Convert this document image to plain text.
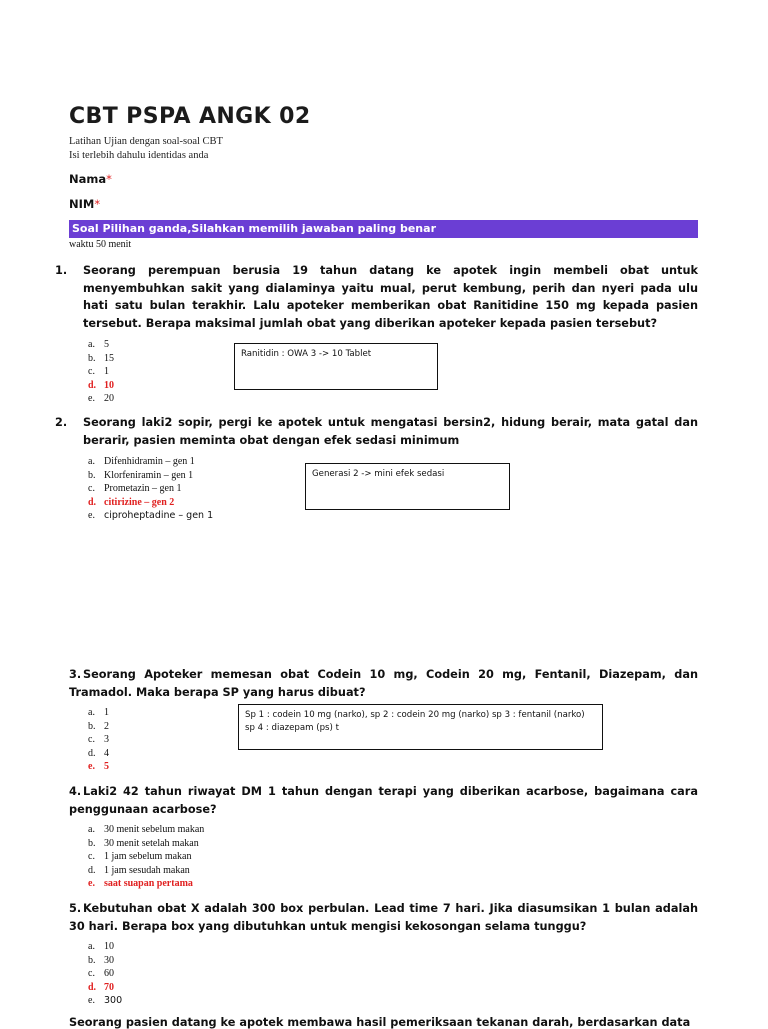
CBT PSPA ANGK 02
Latihan Ujian dengan soal-soal CBT
Isi terlebih dahulu identidas anda
Nama*
NIM*
Soal Pilihan ganda,Silahkan memilih jawaban paling benar
waktu 50 menit
1. Seorang perempuan berusia 19 tahun datang ke apotek ingin membeli obat untuk menyembuhkan sakit yang dialaminya yaitu mual, perut kembung, perih dan nyeri pada ulu hati satu bulan terakhir. Lalu apoteker memberikan obat Ranitidine 150 mg kepada pasien tersebut. Berapa maksimal jumlah obat yang diberikan apoteker kepada pasien tersebut?
a. 5
b. 15
c. 1
d. 10
e. 20
Ranitidin : OWA 3 -> 10 Tablet
2. Seorang laki2 sopir, pergi ke apotek untuk mengatasi bersin2, hidung berair, mata gatal dan berarir, pasien meminta obat dengan efek sedasi minimum
a. Difenhidramin – gen 1
b. Klorfeniramin – gen 1
c. Prometazin – gen 1
d. citirizine – gen 2
e. ciproheptadine – gen 1
Generasi 2 -> mini efek sedasi
3. Seorang Apoteker memesan obat Codein 10 mg, Codein 20 mg, Fentanil, Diazepam, dan Tramadol. Maka berapa SP yang harus dibuat?
a. 1
b. 2
c. 3
d. 4
e. 5
Sp 1 : codein 10 mg (narko), sp 2 : codein 20 mg (narko) sp 3 : fentanil (narko) sp 4 : diazepam (ps) t
4. Laki2 42 tahun riwayat DM 1 tahun dengan terapi yang diberikan acarbose, bagaimana cara penggunaan acarbose?
a. 30 menit sebelum makan
b. 30 menit setelah makan
c. 1 jam sebelum makan
d. 1 jam sesudah makan
e. saat suapan pertama
5. Kebutuhan obat X adalah 300 box perbulan. Lead time 7 hari. Jika diasumsikan 1 bulan adalah 30 hari. Berapa box yang dibutuhkan untuk mengisi kekosongan selama tunggu?
a. 10
b. 30
c. 60
d. 70
e. 300
Seorang pasien datang ke apotek membawa hasil pemeriksaan tekanan darah, berdasarkan data
